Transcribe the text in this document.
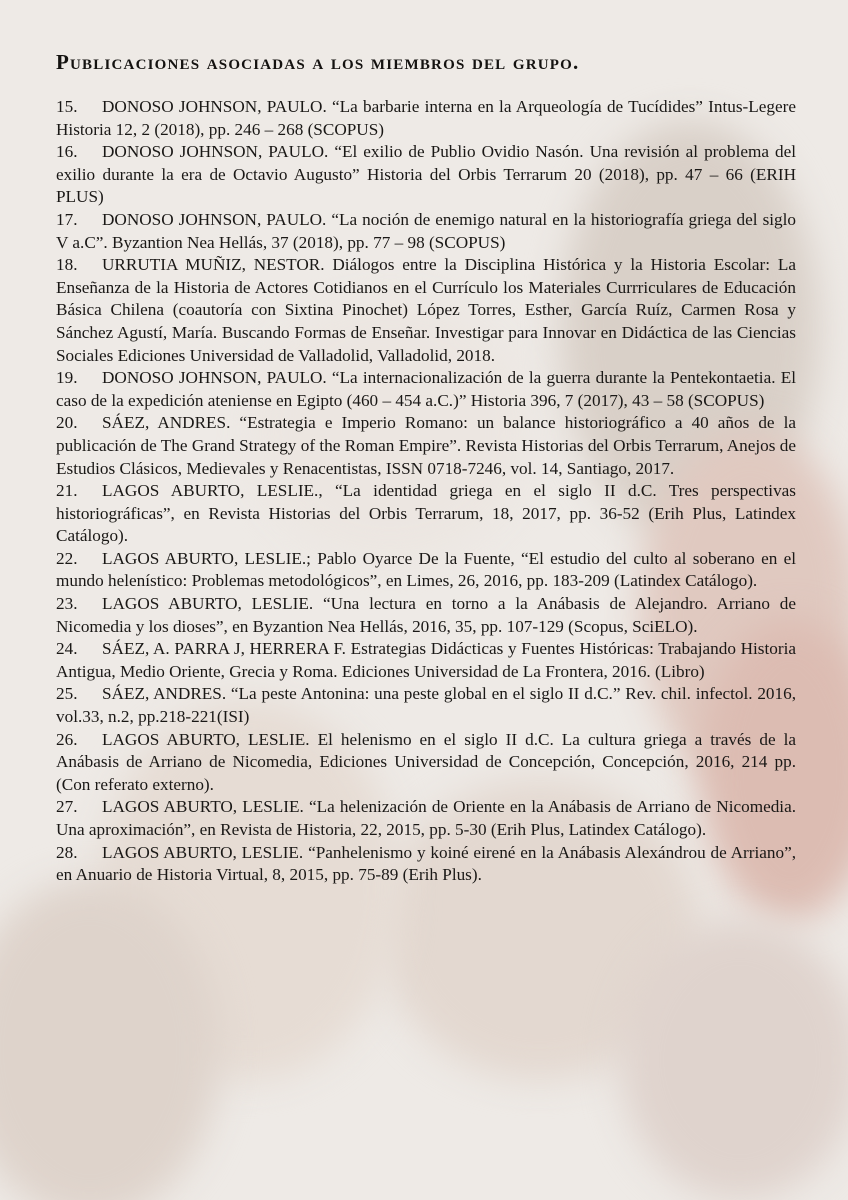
Publicaciones asociadas a los miembros del grupo.
15. DONOSO JOHNSON, PAULO. “La barbarie interna en la Arqueología de Tucídides” Intus-Legere Historia 12, 2 (2018), pp. 246 – 268 (SCOPUS)
16. DONOSO JOHNSON, PAULO. “El exilio de Publio Ovidio Nasón. Una revisión al problema del exilio durante la era de Octavio Augusto” Historia del Orbis Terrarum 20 (2018), pp. 47 – 66 (ERIH PLUS)
17. DONOSO JOHNSON, PAULO. “La noción de enemigo natural en la historiografía griega del siglo V a.C”. Byzantion Nea Hellás, 37 (2018), pp. 77 – 98 (SCOPUS)
18. URRUTIA MUÑIZ, NESTOR. Diálogos entre la Disciplina Histórica y la Historia Escolar: La Enseñanza de la Historia de Actores Cotidianos en el Currículo los Materiales Currriculares de Educación Básica Chilena (coautoría con Sixtina Pinochet) López Torres, Esther, García Ruíz, Carmen Rosa y Sánchez Agustí, María. Buscando Formas de Enseñar. Investigar para Innovar en Didáctica de las Ciencias Sociales Ediciones Universidad de Valladolid, Valladolid, 2018.
19. DONOSO JOHNSON, PAULO. “La internacionalización de la guerra durante la Pentekontaetia. El caso de la expedición ateniense en Egipto (460 – 454 a.C.)” Historia 396, 7 (2017), 43 – 58 (SCOPUS)
20. SÁEZ, ANDRES. “Estrategia e Imperio Romano: un balance historiográfico a 40 años de la publicación de The Grand Strategy of the Roman Empire”. Revista Historias del Orbis Terrarum, Anejos de Estudios Clásicos, Medievales y Renacentistas, ISSN 0718-7246, vol. 14, Santiago, 2017.
21. LAGOS ABURTO, LESLIE., “La identidad griega en el siglo II d.C. Tres perspectivas historiográficas”, en Revista Historias del Orbis Terrarum, 18, 2017, pp. 36-52 (Erih Plus, Latindex Catálogo).
22. LAGOS ABURTO, LESLIE.; Pablo Oyarce De la Fuente, “El estudio del culto al soberano en el mundo helenístico: Problemas metodológicos”, en Limes, 26, 2016, pp. 183-209 (Latindex Catálogo).
23. LAGOS ABURTO, LESLIE. “Una lectura en torno a la Anábasis de Alejandro. Arriano de Nicomedia y los dioses”, en Byzantion Nea Hellás, 2016, 35, pp. 107-129 (Scopus, SciELO).
24. SÁEZ, A. PARRA J, HERRERA F. Estrategias Didácticas y Fuentes Históricas: Trabajando Historia Antigua, Medio Oriente, Grecia y Roma. Ediciones Universidad de La Frontera, 2016. (Libro)
25. SÁEZ, ANDRES. “La peste Antonina: una peste global en el siglo II d.C.” Rev. chil. infectol. 2016, vol.33, n.2, pp.218-221(ISI)
26. LAGOS ABURTO, LESLIE. El helenismo en el siglo II d.C. La cultura griega a través de la Anábasis de Arriano de Nicomedia, Ediciones Universidad de Concepción, Concepción, 2016, 214 pp. (Con referato externo).
27. LAGOS ABURTO, LESLIE. “La helenización de Oriente en la Anábasis de Arriano de Nicomedia. Una aproximación”, en Revista de Historia, 22, 2015, pp. 5-30 (Erih Plus, Latindex Catálogo).
28. LAGOS ABURTO, LESLIE. “Panhelenismo y koiné eirené en la Anábasis Alexándrou de Arriano”, en Anuario de Historia Virtual, 8, 2015, pp. 75-89 (Erih Plus).
